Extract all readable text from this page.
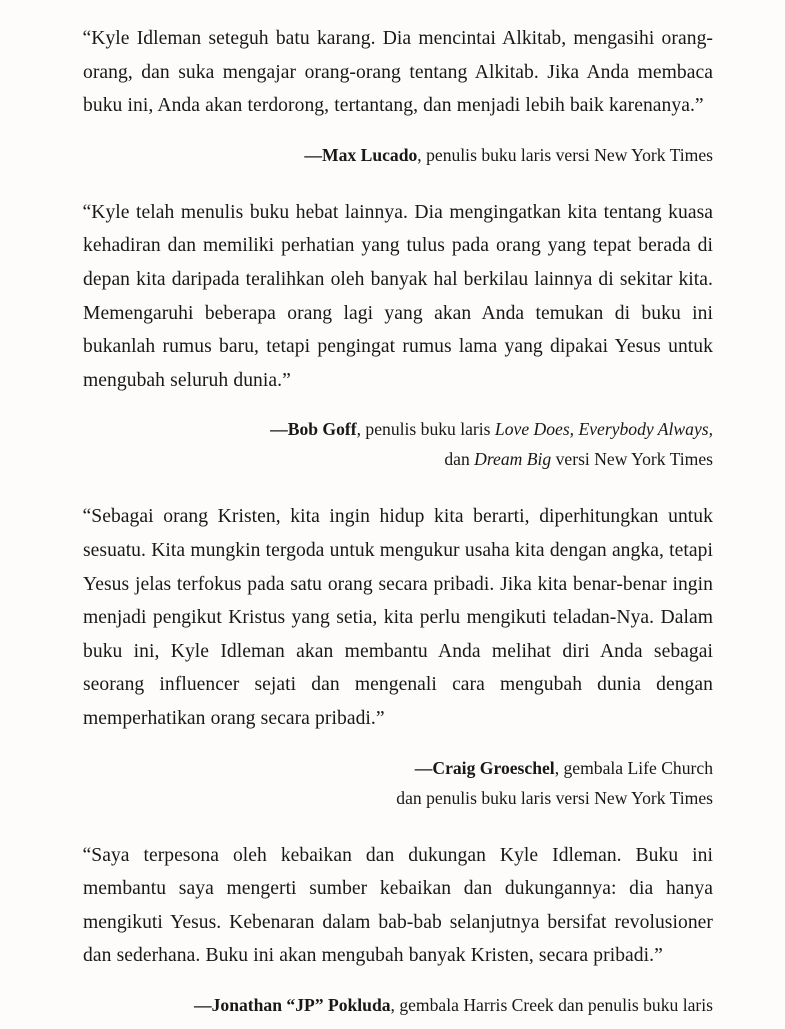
“Kyle Idleman seteguh batu karang. Dia mencintai Alkitab, mengasihi orang-orang, dan suka mengajar orang-orang tentang Alkitab. Jika Anda membaca buku ini, Anda akan terdorong, tertantang, dan menjadi lebih baik karenanya.”

—Max Lucado, penulis buku laris versi New York Times

“Kyle telah menulis buku hebat lainnya. Dia mengingatkan kita tentang kuasa kehadiran dan memiliki perhatian yang tulus pada orang yang tepat berada di depan kita daripada teralihkan oleh banyak hal berkilau lainnya di sekitar kita. Memengaruhi beberapa orang lagi yang akan Anda temukan di buku ini bukanlah rumus baru, tetapi pengingat rumus lama yang dipakai Yesus untuk mengubah seluruh dunia.”

—Bob Goff, penulis buku laris Love Does, Everybody Always,
dan Dream Big versi New York Times

“Sebagai orang Kristen, kita ingin hidup kita berarti, diperhitungkan untuk sesuatu. Kita mungkin tergoda untuk mengukur usaha kita dengan angka, tetapi Yesus jelas terfokus pada satu orang secara pribadi. Jika kita benar-benar ingin menjadi pengikut Kristus yang setia, kita perlu mengikuti teladan-Nya. Dalam buku ini, Kyle Idleman akan membantu Anda melihat diri Anda sebagai seorang influencer sejati dan mengenali cara mengubah dunia dengan memperhatikan orang secara pribadi.”

—Craig Groeschel, gembala Life Church
dan penulis buku laris versi New York Times

“Saya terpesona oleh kebaikan dan dukungan Kyle Idleman. Buku ini membantu saya mengerti sumber kebaikan dan dukungannya: dia hanya mengikuti Yesus. Kebenaran dalam bab-bab selanjutnya bersifat revolusioner dan sederhana. Buku ini akan mengubah banyak Kristen, secara pribadi.”

—Jonathan “JP” Pokluda, gembala Harris Creek dan penulis buku laris
